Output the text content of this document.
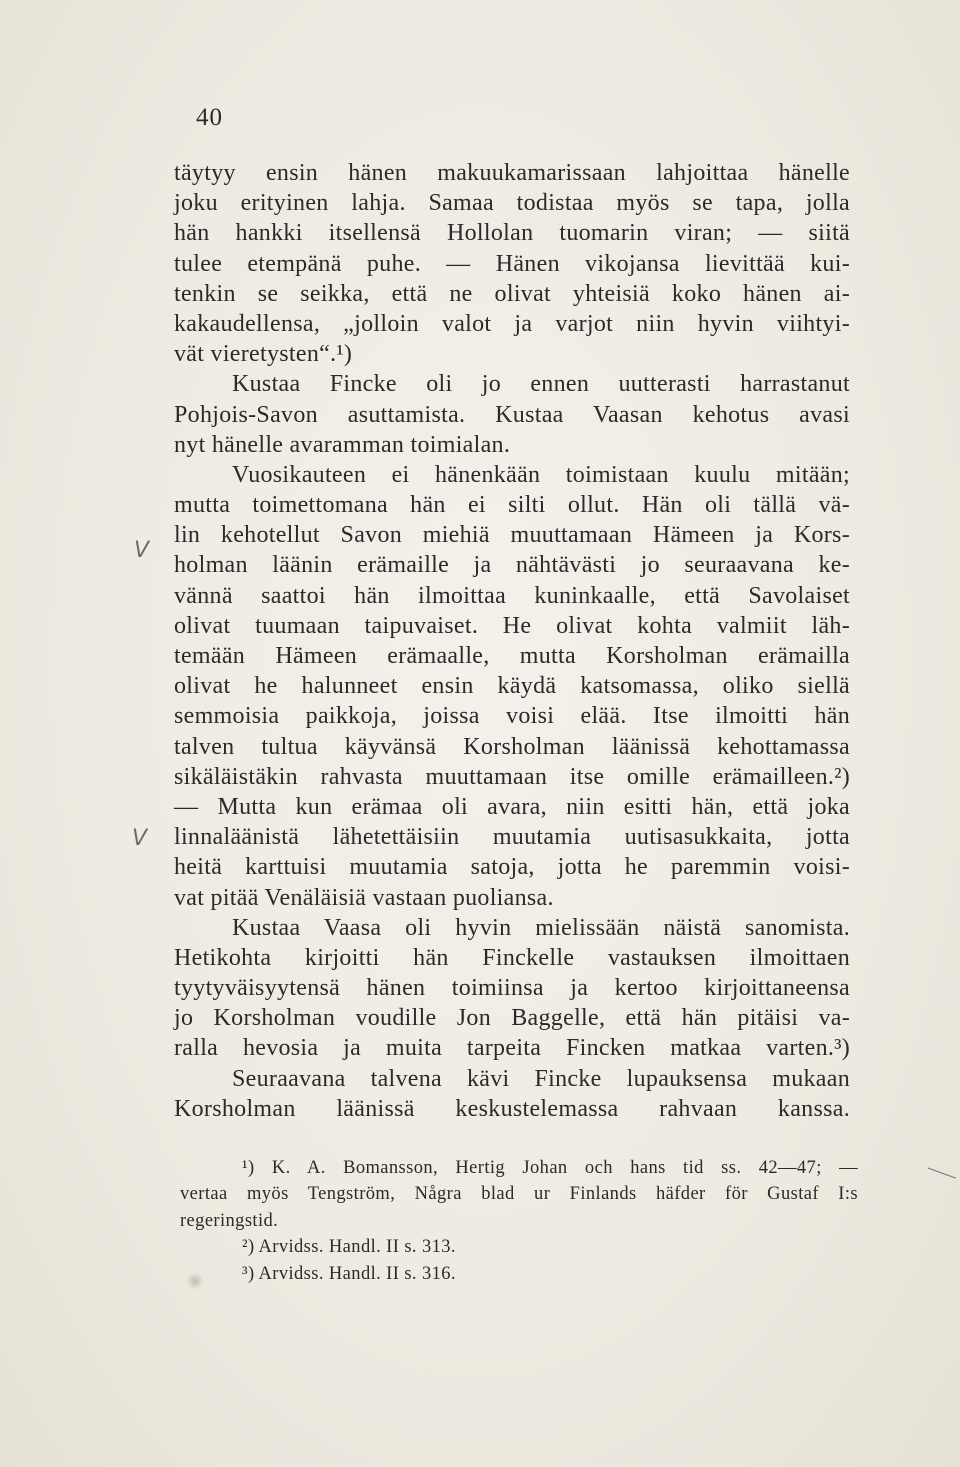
40
V
V
täytyy ensin hänen makuukamarissaan lahjoittaa hänelle
joku erityinen lahja. Samaa todistaa myös se tapa, jolla
hän hankki itsellensä Hollolan tuomarin viran; — siitä
tulee etempänä puhe. — Hänen vikojansa lievittää kui-
tenkin se seikka, että ne olivat yhteisiä koko hänen ai-
kakaudellensa, „jolloin valot ja varjot niin hyvin viihtyi-
vät vieretysten“.¹)
Kustaa Fincke oli jo ennen uutterasti harrastanut
Pohjois-Savon asuttamista. Kustaa Vaasan kehotus avasi
nyt hänelle avaramman toimialan.
Vuosikauteen ei hänenkään toimistaan kuulu mitään;
mutta toimettomana hän ei silti ollut. Hän oli tällä vä-
lin kehotellut Savon miehiä muuttamaan Hämeen ja Kors-
holman läänin erämaille ja nähtävästi jo seuraavana ke-
vännä saattoi hän ilmoittaa kuninkaalle, että Savolaiset
olivat tuumaan taipuvaiset. He olivat kohta valmiit läh-
temään Hämeen erämaalle, mutta Korsholman erämailla
olivat he halunneet ensin käydä katsomassa, oliko siellä
semmoisia paikkoja, joissa voisi elää. Itse ilmoitti hän
talven tultua käyvänsä Korsholman läänissä kehottamassa
sikäläistäkin rahvasta muuttamaan itse omille erämailleen.²)
— Mutta kun erämaa oli avara, niin esitti hän, että joka
linnaläänistä lähetettäisiin muutamia uutisasukkaita, jotta
heitä karttuisi muutamia satoja, jotta he paremmin voisi-
vat pitää Venäläisiä vastaan puoliansa.
Kustaa Vaasa oli hyvin mielissään näistä sanomista.
Hetikohta kirjoitti hän Finckelle vastauksen ilmoittaen
tyytyväisyytensä hänen toimiinsa ja kertoo kirjoittaneensa
jo Korsholman voudille Jon Baggelle, että hän pitäisi va-
ralla hevosia ja muita tarpeita Fincken matkaa varten.³)
Seuraavana talvena kävi Fincke lupauksensa mukaan
Korsholman läänissä keskustelemassa rahvaan kanssa.
¹) K. A. Bomansson, Hertig Johan och hans tid ss. 42—47; —
vertaa myös Tengström, Några blad ur Finlands häfder för Gustaf I:s
regeringstid.
²) Arvidss. Handl. II s. 313.
³) Arvidss. Handl. II s. 316.
